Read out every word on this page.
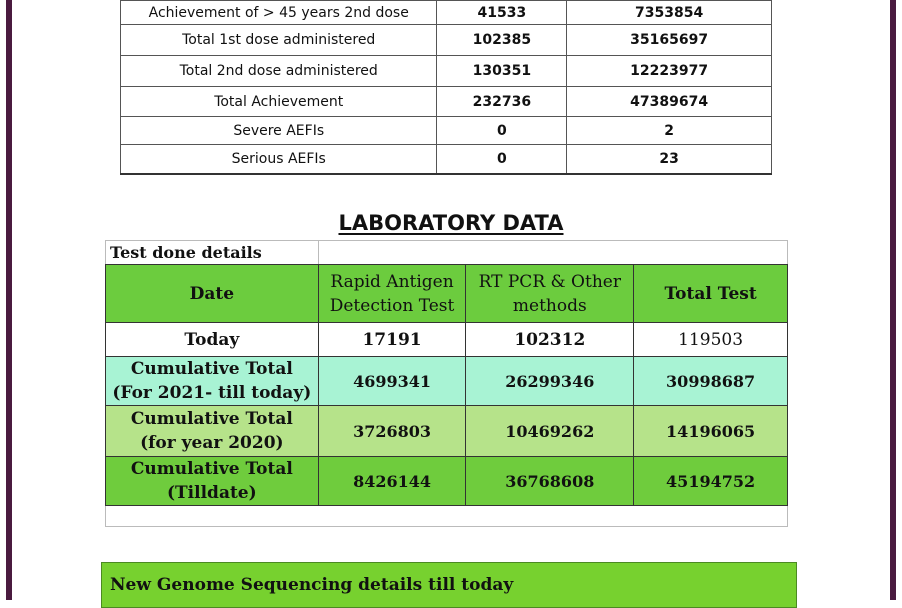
Achievement of > 45 years 2nd dose	41533	7353854
Total 1st dose administered	102385	35165697
Total 2nd dose administered	130351	12223977
Total Achievement	232736	47389674
Severe AEFIs	0	2
Serious AEFIs	0	23
LABORATORY DATA
Test done details			
Date	Rapid Antigen Detection Test	RT PCR & Other methods	Total Test
Today	17191	102312	119503

Cumulative Total
(For 2021- till today)	4699341	26299346	30998687

Cumulative Total
(for year 2020)	3726803	10469262	14196065

Cumulative Total
(Tilldate)	8426144	36768608	45194752

New Genome Sequencing details till today
